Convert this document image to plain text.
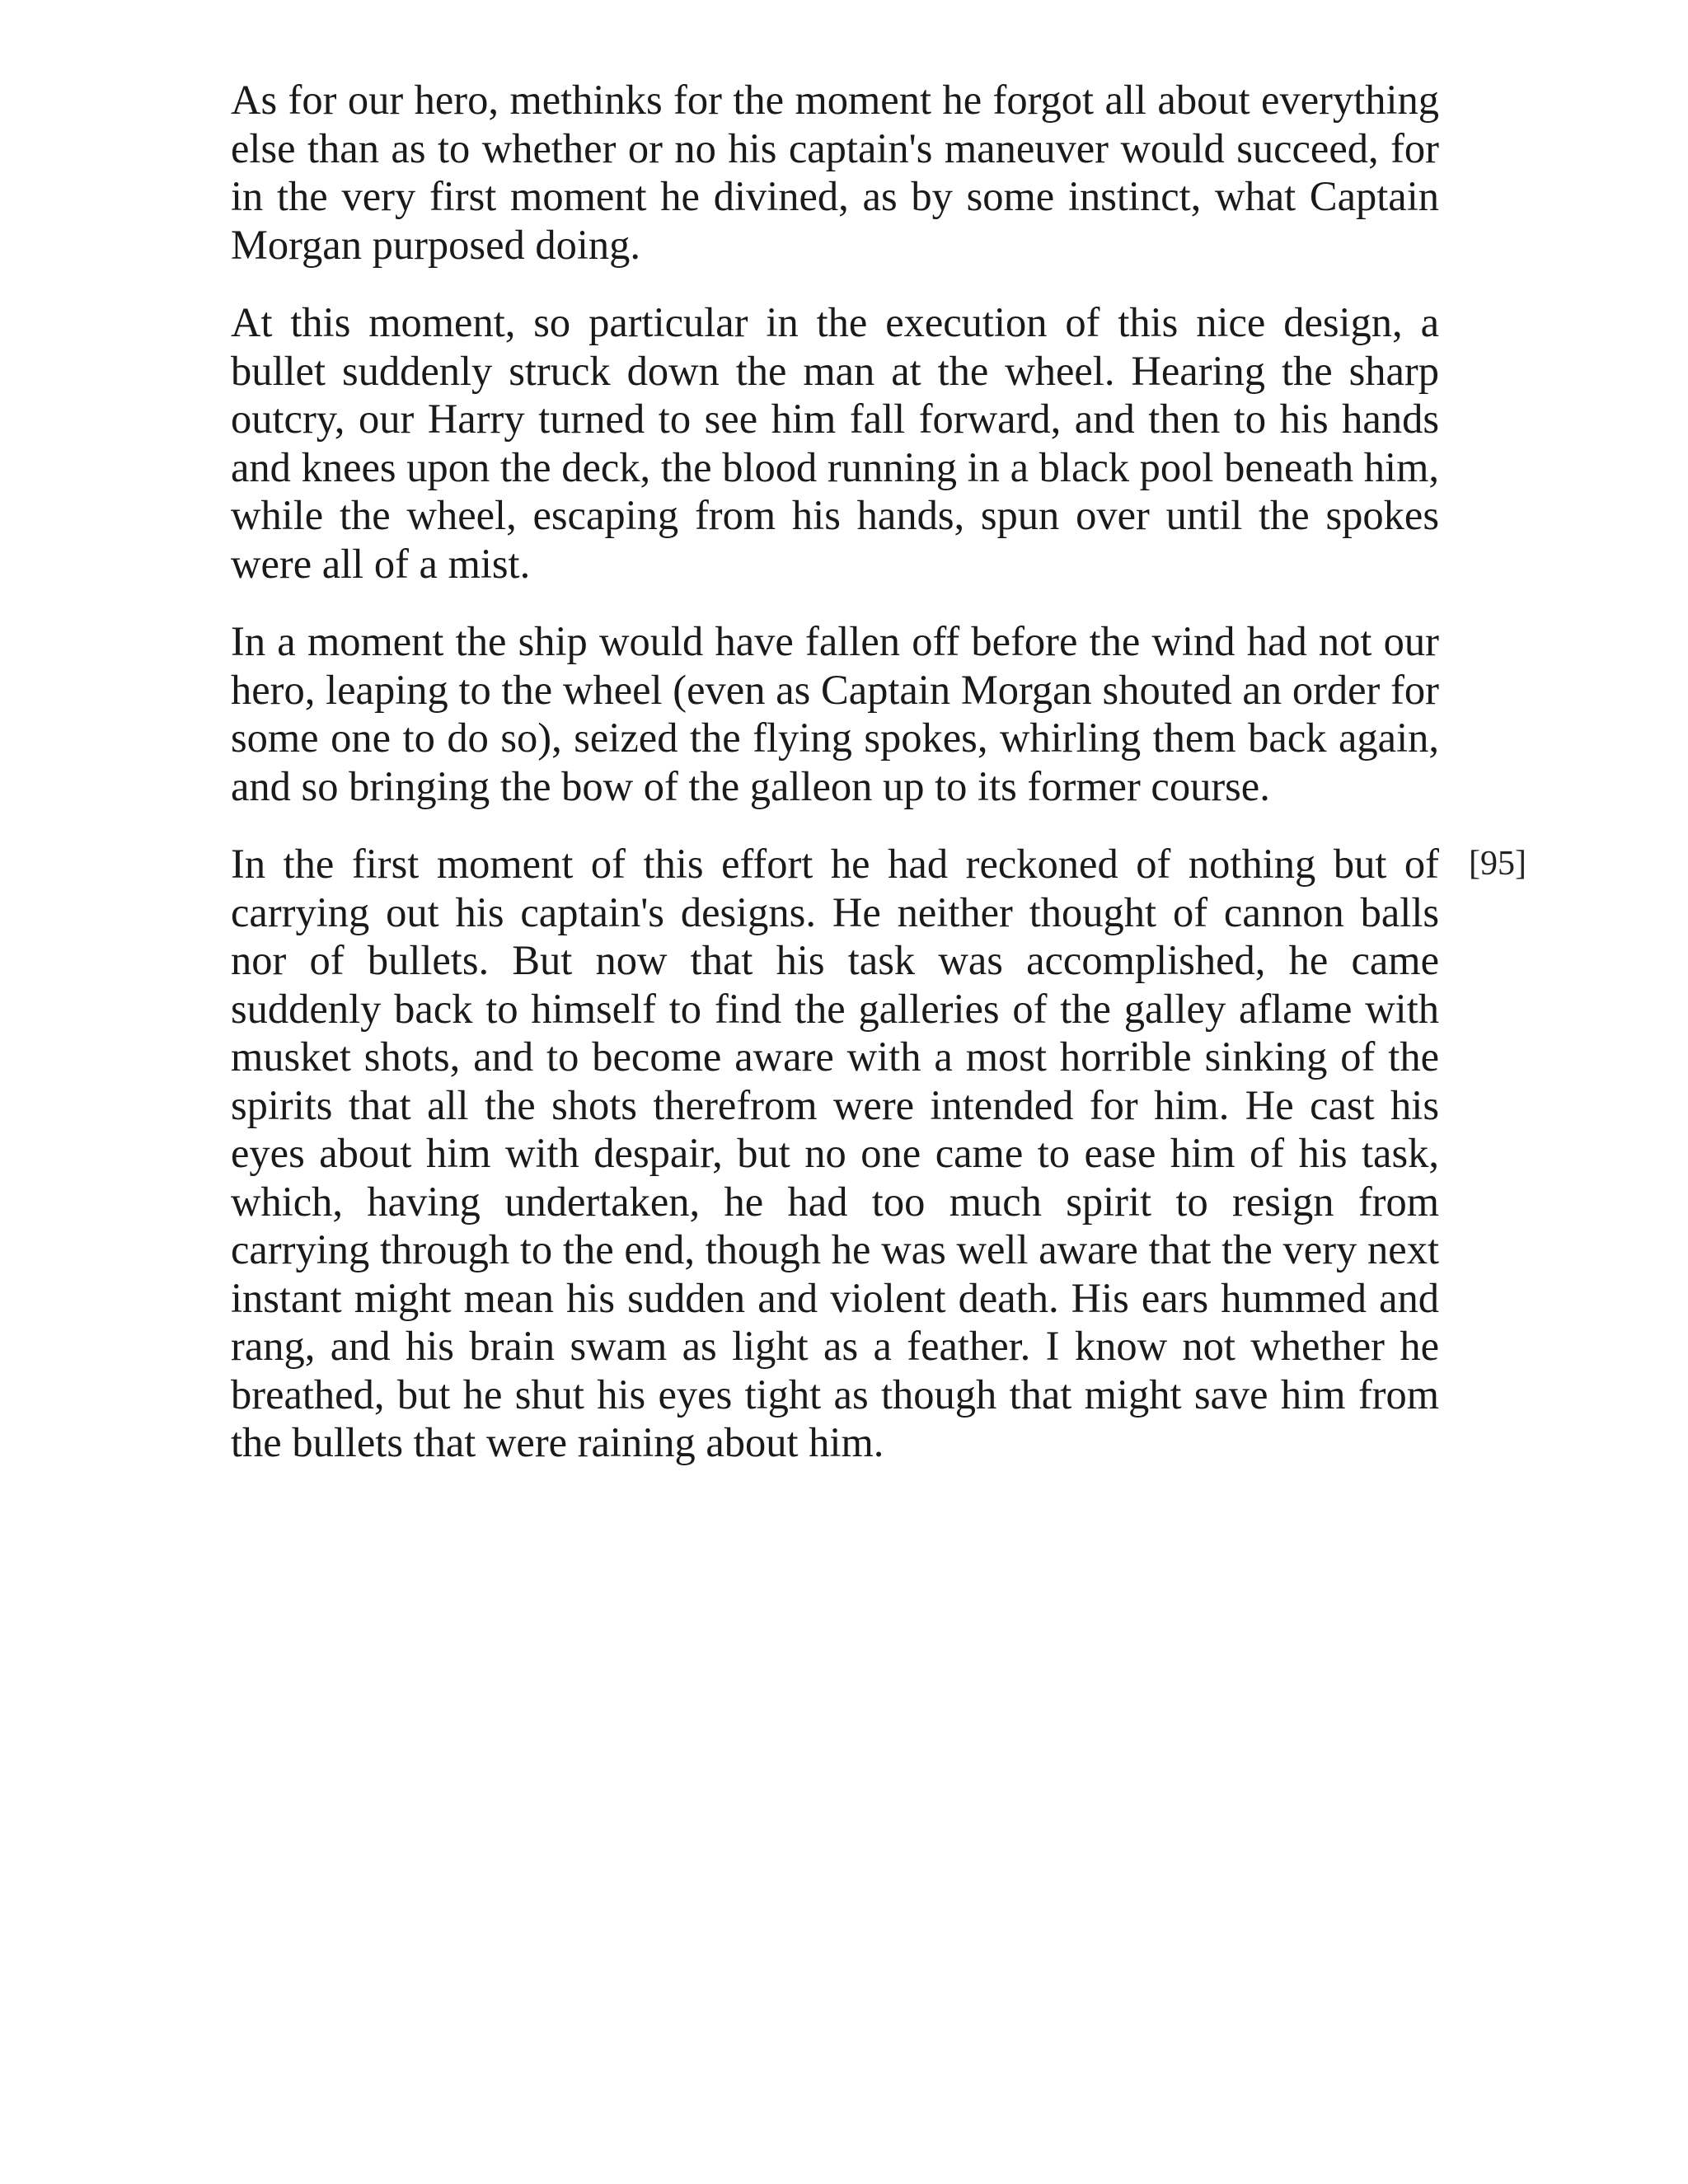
As for our hero, methinks for the moment he forgot all about everything else than as to whether or no his captain's maneuver would succeed, for in the very first moment he divined, as by some instinct, what Captain Morgan purposed doing.

At this moment, so particular in the execution of this nice design, a bullet suddenly struck down the man at the wheel. Hearing the sharp outcry, our Harry turned to see him fall forward, and then to his hands and knees upon the deck, the blood running in a black pool beneath him, while the wheel, escaping from his hands, spun over until the spokes were all of a mist.

In a moment the ship would have fallen off before the wind had not our hero, leaping to the wheel (even as Captain Morgan shouted an order for some one to do so), seized the flying spokes, whirling them back again, and so bringing the bow of the galleon up to its former course.

In the first moment of this effort he had reckoned of nothing but of carrying out his captain's designs. He neither thought of cannon balls nor of bullets. But now that his task was accomplished, he came suddenly back to himself to find the galleries of the galley aflame with musket shots, and to become aware with a most horrible sinking of the spirits that all the shots therefrom were intended for him. He cast his eyes about him with despair, but no one came to ease him of his task, which, having undertaken, he had too much spirit to resign from carrying through to the end, though he was well aware that the very next instant might mean his sudden and violent death. His ears hummed and rang, and his brain swam as light as a feather. I know not whether he breathed, but he shut his eyes tight as though that might save him from the bullets that were raining about him.

[95]
